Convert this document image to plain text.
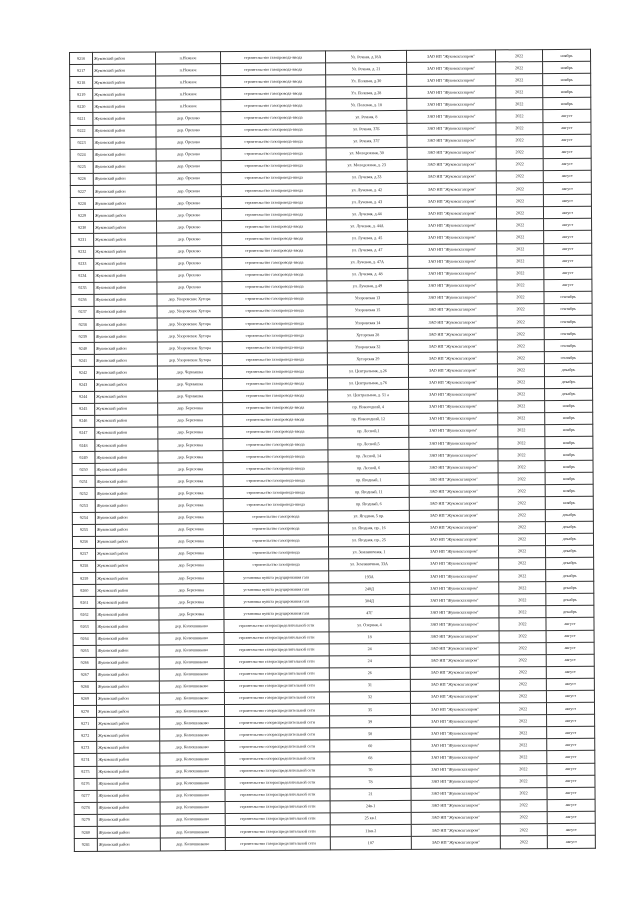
9216	Жуковский район	п.Нежное	строительство газопровода-ввода	Ул. Речная, д.18А	ЗАО НП "Жуковскгазпром"	2022	ноябрь
9217	Жуковский район	п.Нежное	строительство газопровода-ввода	Ул. Речная, д. 21	ЗАО НП "Жуковскгазпром"	2022	ноябрь
9218	Жуковский район	п.Нежное	строительство газопровода-ввода	Ул. Полевая, д.30	ЗАО НП "Жуковскгазпром"	2022	ноябрь
9219	Жуковский район	п.Нежное	строительство газопровода-ввода	Ул. Полевая, д.28	ЗАО НП "Жуковскгазпром"	2022	ноябрь
9220	Жуковский район	п.Нежное	строительство газопровода-ввода	Ул. Полевая, д. 18	ЗАО НП "Жуковскгазпром"	2022	ноябрь
9221	Жуковский район	дер. Орехово	строительство газопровода-ввода	ул. Речная, 8	ЗАО НП "Жуковскгазпром"	2022	август
9222	Жуковский район	дер. Орехово	строительство газопровода-ввода	ул. Речная, 37Б	ЗАО НП "Жуковскгазпром"	2022	август
9223	Жуковский район	дер. Орехово	строительство газопровода-ввода	ул. Речная, 37Г	ЗАО НП "Жуковскгазпром"	2022	август
9224	Жуковский район	дер. Орехово	строительство газопровода-ввода	ул. Молодежная, 30	ЗАО НП "Жуковскгазпром"	2022	август
9225	Жуковский район	дер. Орехово	строительство газопровода-ввода	ул. Молодежная, д. 23	ЗАО НП "Жуковскгазпром"	2022	август
9226	Жуковский район	дер. Орехово	строительство газопровода-ввода	ул. Лучевая, д.33	ЗАО НП "Жуковскгазпром"	2022	август
9227	Жуковский район	дер. Орехово	строительство газопровода-ввода	ул. Лучевая, д. 42	ЗАО НП "Жуковскгазпром"	2022	август
9228	Жуковский район	дер. Орехово	строительство газопровода-ввода	ул. Лучевая, д. 43	ЗАО НП "Жуковскгазпром"	2022	август
9229	Жуковский район	дер. Орехово	строительство газопровода-ввода	ул. Лучевая, д.44	ЗАО НП "Жуковскгазпром"	2022	август
9230	Жуковский район	дер. Орехово	строительство газопровода-ввода	ул. Лучевая, д. 44А	ЗАО НП "Жуковскгазпром"	2022	август
9231	Жуковский район	дер. Орехово	строительство газопровода-ввода	ул. Лучевая, д. 45	ЗАО НП "Жуковскгазпром"	2022	август
9232	Жуковский район	дер. Орехово	строительство газопровода-ввода	ул. Лучевая, д. 47	ЗАО НП "Жуковскгазпром"	2022	август
9233	Жуковский район	дер. Орехово	строительство газопровода-ввода	ул. Лучевая, д. 47А	ЗАО НП "Жуковскгазпром"	2022	август
9234	Жуковский район	дер. Орехово	строительство газопровода-ввода	ул. Лучевая, д. 48	ЗАО НП "Жуковскгазпром"	2022	август
9235	Жуковский район	дер. Орехово	строительство газопровода-ввода	ул. Лучевая, д.49	ЗАО НП "Жуковскгазпром"	2022	август
9236	Жуковский район	дер. Упоровские Хутора	строительство газопровода-ввода	Упоровская 13	ЗАО НП "Жуковскгазпром"	2022	сентябрь
9237	Жуковский район	дер. Упоровские Хутора	строительство газопровода-ввода	Упоровская 15	ЗАО НП "Жуковскгазпром"	2022	сентябрь
9238	Жуковский район	дер. Упоровские Хутора	строительство газопровода-ввода	Упоровская 14	ЗАО НП "Жуковскгазпром"	2022	сентябрь
9239	Жуковский район	дер. Упоровские Хутора	строительство газопровода-ввода	Хуторская 28	ЗАО НП "Жуковскгазпром"	2022	сентябрь
9240	Жуковский район	дер. Упоровские Хутора	строительство газопровода-ввода	Упоровская 32	ЗАО НП "Жуковскгазпром"	2022	сентябрь
9241	Жуковский район	дер. Упоровские Хутора	строительство газопровода-ввода	Хуторская 29	ЗАО НП "Жуковскгазпром"	2022	сентябрь
9242	Жуковский район	дер. Чернышка	строительство газопровода-ввода	ул. Центральная, д.26	ЗАО НП "Жуковскгазпром"	2022	декабрь
9243	Жуковский район	дер. Чернышка	строительство газопровода-ввода	ул. Центральная, д.76	ЗАО НП "Жуковскгазпром"	2022	декабрь
9244	Жуковский район	дер. Чернышка	строительство газопровода-ввода	ул. Центральная, д. 51 а	ЗАО НП "Жуковскгазпром"	2022	декабрь
9245	Жуковский район	дер. Березовка	строительство газопровода-ввода	пр. Новогодний, 4	ЗАО НП "Жуковскгазпром"	2022	ноябрь
9246	Жуковский район	дер. Березовка	строительство газопровода-ввода	пр. Новогодний, 12	ЗАО НП "Жуковскгазпром"	2022	ноябрь
9247	Жуковский район	дер. Березовка	строительство газопровода-ввода	пр. Лесной,1	ЗАО НП "Жуковскгазпром"	2022	ноябрь
9248	Жуковский район	дер. Березовка	строительство газопровода-ввода	пр. Лесной,5	ЗАО НП "Жуковскгазпром"	2022	ноябрь
9249	Жуковский район	дер. Березовка	строительство газопровода-ввода	пр. Лесной, 14	ЗАО НП "Жуковскгазпром"	2022	ноябрь
9250	Жуковский район	дер. Березовка	строительство газопровода-ввода	пр. Лесной, 6	ЗАО НП "Жуковскгазпром"	2022	ноябрь
9251	Жуковский район	дер. Березовка	строительство газопровода-ввода	пр. Ягодный, 1	ЗАО НП "Жуковскгазпром"	2022	ноябрь
9252	Жуковский район	дер. Березовка	строительство газопровода-ввода	пр. Ягодный, 11	ЗАО НП "Жуковскгазпром"	2022	ноябрь
9253	Жуковский район	дер. Березовка	строительство газопровода-ввода	пр. Ягодный, 6	ЗАО НП "Жуковскгазпром"	2022	ноябрь
9254	Жуковский район	дер. Березовка	строительство газопровода	ул. Ягодная, 5 пр.	ЗАО НП "Жуковскгазпром"	2022	декабрь
9255	Жуковский район	дер. Березовка	строительство газопровода	ул. Ягодная, пр., 16	ЗАО НП "Жуковскгазпром"	2022	декабрь
9256	Жуковский район	дер. Березовка	строительство газопровода	ул. Ягодная, пр., 25	ЗАО НП "Жуковскгазпром"	2022	декабрь
9257	Жуковский район	дер. Березовка	строительство газопровода	ул. Земляничная, 1	ЗАО НП "Жуковскгазпром"	2022	декабрь
9258	Жуковский район	дер. Березовка	строительство газопровода	ул. Земляничная, 33А	ЗАО НП "Жуковскгазпром"	2022	декабрь
9259	Жуковский район	дер. Березовка	установка пункта редуцирования газа	193А	ЗАО НП "Жуковскгазпром"	2022	декабрь
9260	Жуковский район	дер. Березовка	установка пункта редуцирования газа	240Д	ЗАО НП "Жуковскгазпром"	2022	декабрь
9261	Жуковский район	дер. Березовка	установка пункта редуцирования газа	304Д	ЗАО НП "Жуковскгазпром"	2022	декабрь
9262	Жуковский район	дер. Березовка	установка пункта редуцирования газа	47Г	ЗАО НП "Жуковскгазпром"	2022	декабрь
9263	Жуковский район	дер. Колюшниково	строительство газораспределительной сети	ул. Озерная, 4	ЗАО НП "Жуковскгазпром"	2022	август
9264	Жуковский район	дер. Колюшниково	строительство газораспределительной сети	18	ЗАО НП "Жуковскгазпром"	2022	август
9265	Жуковский район	дер. Колюшниково	строительство газораспределительной сети	24	ЗАО НП "Жуковскгазпром"	2022	август
9266	Жуковский район	дер. Колюшниково	строительство газораспределительной сети	24	ЗАО НП "Жуковскгазпром"	2022	август
9267	Жуковский район	дер. Колюшниково	строительство газораспределительной сети	26	ЗАО НП "Жуковскгазпром"	2022	август
9268	Жуковский район	дер. Колюшниково	строительство газораспределительной сети	31	ЗАО НП "Жуковскгазпром"	2022	август
9269	Жуковский район	дер. Колюшниково	строительство газораспределительной сети	32	ЗАО НП "Жуковскгазпром"	2022	август
9270	Жуковский район	дер. Колюшниково	строительство газораспределительной сети	35	ЗАО НП "Жуковскгазпром"	2022	август
9271	Жуковский район	дер. Колюшниково	строительство газораспределительной сети	39	ЗАО НП "Жуковскгазпром"	2022	август
9272	Жуковский район	дер. Колюшниково	строительство газораспределительной сети	50	ЗАО НП "Жуковскгазпром"	2022	август
9273	Жуковский район	дер. Колюшниково	строительство газораспределительной сети	60	ЗАО НП "Жуковскгазпром"	2022	август
9274	Жуковский район	дер. Колюшниково	строительство газораспределительной сети	68	ЗАО НП "Жуковскгазпром"	2022	август
9275	Жуковский район	дер. Колюшниково	строительство газораспределительной сети	70	ЗАО НП "Жуковскгазпром"	2022	август
9276	Жуковский район	дер. Колюшниково	строительство газораспределительной сети	78	ЗАО НП "Жуковскгазпром"	2022	август
9277	Жуковский район	дер. Колюшниково	строительство газораспределительной сети	21	ЗАО НП "Жуковскгазпром"	2022	август
9278	Жуковский район	дер. Колюшниково	строительство газораспределительной сети	24в-1	ЗАО НП "Жуковскгазпром"	2022	август
9279	Жуковский район	дер. Колюшниково	строительство газораспределительной сети	25 кв.1	ЗАО НП "Жуковскгазпром"	2022	август
9280	Жуковский район	дер. Колюшниково	строительство газораспределительной сети	11кв.2	ЗАО НП "Жуковскгазпром"	2022	август
9281	Жуковский район	дер. Колюшниково	строительство газораспределительной сети	107	ЗАО НП "Жуковскгазпром"	2022	август
